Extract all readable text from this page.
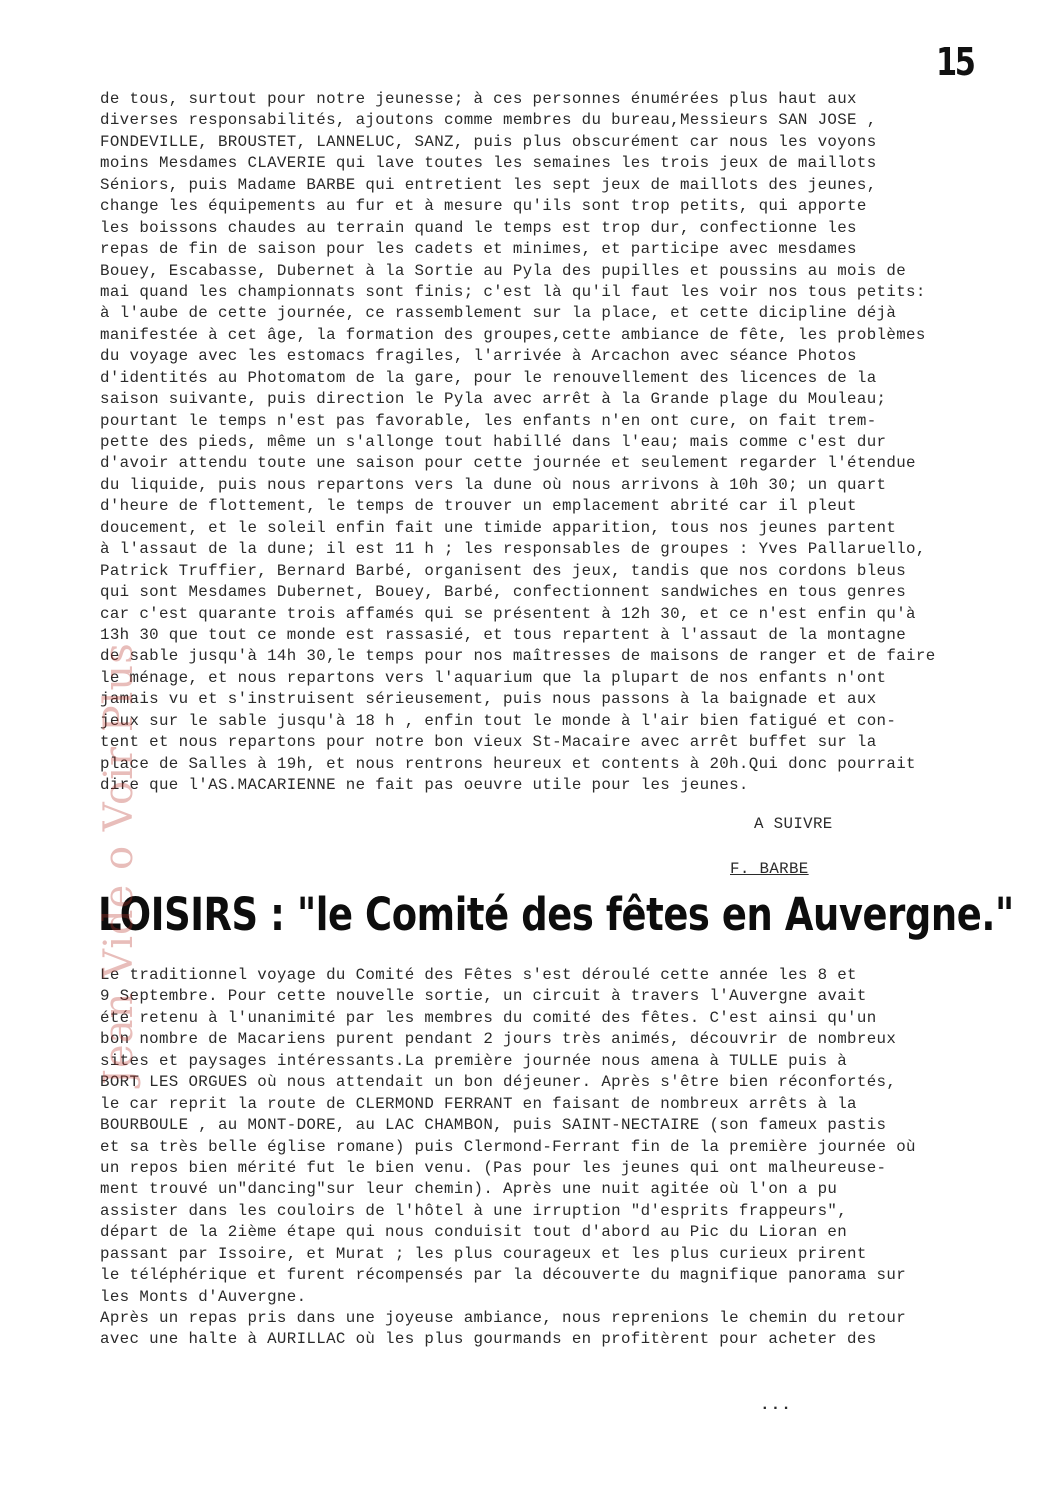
15
de tous, surtout pour notre jeunesse; à ces personnes énumérées plus haut aux
diverses responsabilités, ajoutons comme membres du bureau,Messieurs SAN JOSE ,
FONDEVILLE, BROUSTET, LANNELUC, SANZ, puis plus obscurément car nous les voyons
moins Mesdames CLAVERIE qui lave toutes les semaines les trois jeux de maillots
Séniors, puis Madame BARBE qui entretient les sept jeux de maillots des jeunes,
change les équipements au fur et à mesure qu'ils sont trop petits, qui apporte
les boissons chaudes au terrain quand le temps est trop dur, confectionne les
repas de fin de saison pour les cadets et minimes, et participe avec mesdames
Bouey, Escabasse, Dubernet à la Sortie au Pyla des pupilles et poussins au mois de
mai quand les championnats sont finis; c'est là qu'il faut les voir nos tous petits:
à l'aube de cette journée, ce rassemblement sur la place, et cette dicipline déjà
manifestée à cet âge, la formation des groupes,cette ambiance de fête, les problèmes
du voyage avec les estomacs fragiles, l'arrivée à Arcachon avec séance Photos
d'identités au Photomatom de la gare, pour le renouvellement des licences de la
saison suivante, puis direction le Pyla avec arrêt à la Grande plage du Mouleau;
pourtant le temps n'est pas favorable, les enfants n'en ont cure, on fait trem-
pette des pieds, même un s'allonge tout habillé dans l'eau; mais comme c'est dur
d'avoir attendu toute une saison pour cette journée et seulement regarder l'étendue
du liquide, puis nous repartons vers la dune où nous arrivons à 10h 30; un quart
d'heure de flottement, le temps de trouver un emplacement abrité car il pleut
doucement, et le soleil enfin fait une timide apparition, tous nos jeunes partent
à l'assaut de la dune; il est 11 h ; les responsables de groupes : Yves Pallaruello,
Patrick Truffier, Bernard Barbé, organisent des jeux, tandis que nos cordons bleus
qui sont Mesdames Dubernet, Bouey, Barbé, confectionnent sandwiches en tous genres
car c'est quarante trois affamés qui se présentent à 12h 30, et ce n'est enfin qu'à
13h 30 que tout ce monde est rassasié, et tous repartent à l'assaut de la montagne
de sable jusqu'à 14h 30,le temps pour nos maîtresses de maisons de ranger et de faire
le ménage, et nous repartons vers l'aquarium que la plupart de nos enfants n'ont
jamais vu et s'instruisent sérieusement, puis nous passons à la baignade et aux
jeux sur le sable jusqu'à 18 h , enfin tout le monde à l'air bien fatigué et con-
tent et nous repartons pour notre bon vieux St-Macaire avec arrêt buffet sur la
place de Salles à 19h, et nous rentrons heureux et contents à 20h.Qui donc pourrait
dire que l'AS.MACARIENNE ne fait pas oeuvre utile pour les jeunes.
A SUIVRE
F. BARBE
LOISIRS : "le Comité des fêtes en Auvergne."
Le traditionnel voyage du Comité des Fêtes s'est déroulé cette année les 8 et
9 Septembre. Pour cette nouvelle sortie, un circuit à travers l'Auvergne avait
été retenu à l'unanimité par les membres du comité des fêtes. C'est ainsi qu'un
bon nombre de Macariens purent pendant 2 jours très animés, découvrir de nombreux
sites et paysages intéressants.La première journée nous amena à TULLE puis à
BORT LES ORGUES où nous attendait un bon déjeuner. Après s'être bien réconfortés,
le car reprit la route de CLERMOND FERRANT en faisant de nombreux arrêts à la
BOURBOULE , au MONT-DORE, au LAC CHAMBON, puis SAINT-NECTAIRE (son fameux pastis
et sa très belle église romane) puis Clermond-Ferrant fin de la première journée où
un repos bien mérité fut le bien venu. (Pas pour les jeunes qui ont malheureuse-
ment trouvé un"dancing"sur leur chemin). Après une nuit agitée où l'on a pu
assister dans les couloirs de l'hôtel à une irruption "d'esprits frappeurs",
départ de la 2ième étape qui nous conduisit tout d'abord au Pic du Lioran en
passant par Issoire, et Murat ; les plus courageux et les plus curieux prirent
le téléphérique et furent récompensés par la découverte du magnifique panorama sur
les Monts d'Auvergne.
Après un repas pris dans une joyeuse ambiance, nous reprenions le chemin du retour
avec une halte à AURILLAC où les plus gourmands en profitèrent pour acheter des
...
Jean Vide o Voir Plus
